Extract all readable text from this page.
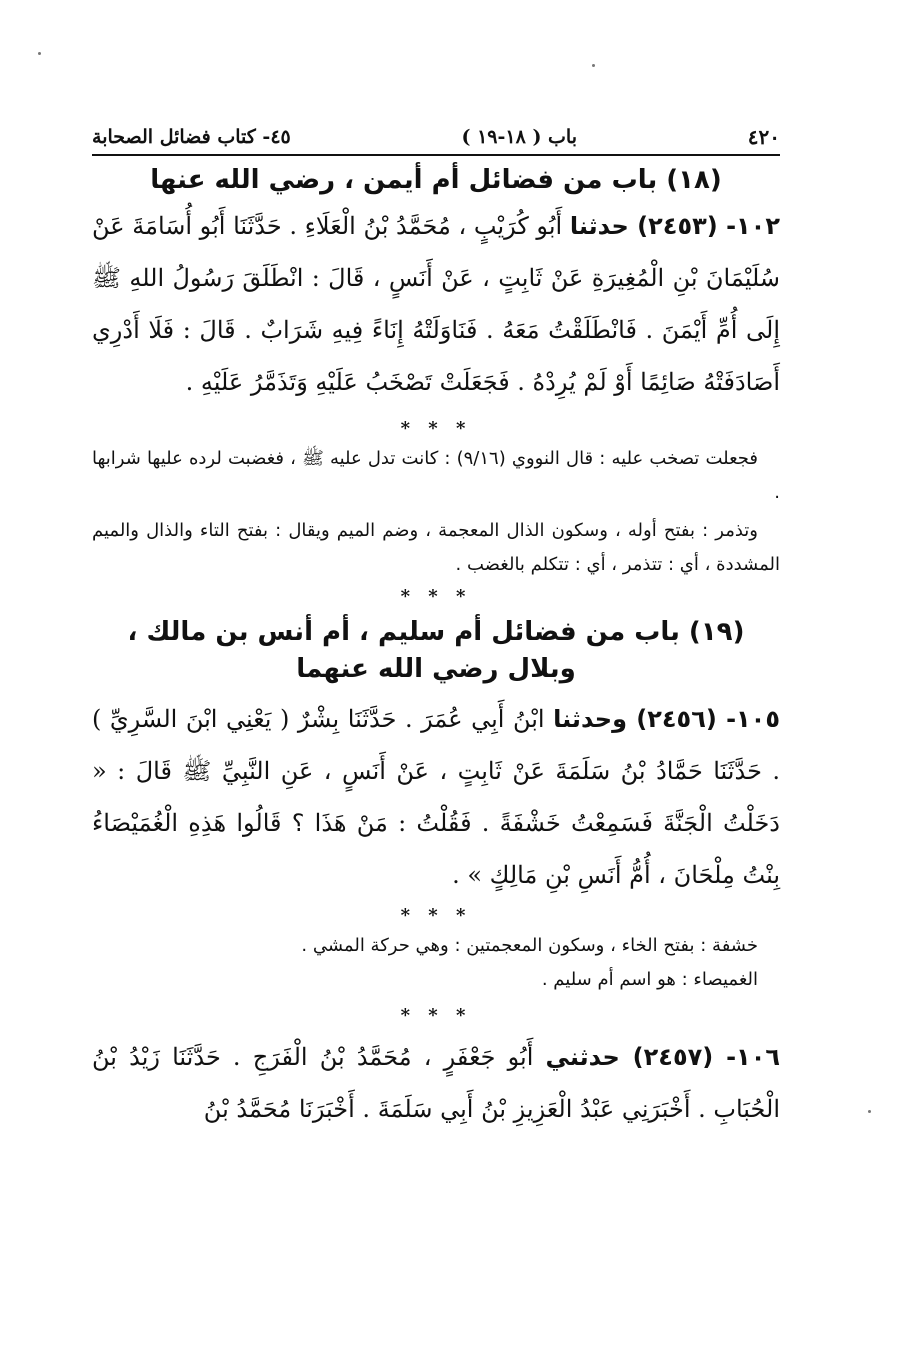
٤٢٠
باب ( ١٨-١٩ )
٤٥- كتاب فضائل الصحابة
(١٨) باب من فضائل أم أيمن ، رضي الله عنها

١٠٢- (٢٤٥٣) حدثنا أَبُو كُرَيْبٍ ، مُحَمَّدُ بْنُ الْعَلَاءِ . حَدَّثَنَا أَبُو أُسَامَةَ عَنْ سُلَيْمَانَ بْنِ الْمُغِيرَةِ عَنْ ثَابِتٍ ، عَنْ أَنَسٍ ، قَالَ : انْطَلَقَ رَسُولُ اللهِ ﷺ إِلَى أُمِّ أَيْمَنَ . فَانْطَلَقْتُ مَعَهُ . فَنَاوَلَتْهُ إِنَاءً فِيهِ شَرَابٌ . قَالَ : فَلَا أَدْرِي أَصَادَفَتْهُ صَائِمًا أَوْ لَمْ يُرِدْهُ . فَجَعَلَتْ تَصْخَبُ عَلَيْهِ وَتَذَمَّرُ عَلَيْهِ .

* * *

فجعلت تصخب عليه : قال النووي (٩/١٦) : كانت تدل عليه ﷺ ، فغضبت لرده عليها شرابها .

وتذمر : بفتح أوله ، وسكون الذال المعجمة ، وضم الميم ويقال : بفتح التاء والذال والميم المشددة ، أي : تتذمر ، أي : تتكلم بالغضب .

* * *
(١٩) باب من فضائل أم سليم ، أم أنس بن مالك ،
وبلال رضي الله عنهما

١٠٥- (٢٤٥٦) وحدثنا ابْنُ أَبِي عُمَرَ . حَدَّثَنَا بِشْرٌ ( يَعْنِي ابْنَ السَّرِيِّ ) . حَدَّثَنَا حَمَّادُ بْنُ سَلَمَةَ عَنْ ثَابِتٍ ، عَنْ أَنَسٍ ، عَنِ النَّبِيِّ ﷺ قَالَ : « دَخَلْتُ الْجَنَّةَ فَسَمِعْتُ خَشْفَةً . فَقُلْتُ : مَنْ هَذَا ؟ قَالُوا هَذِهِ الْغُمَيْصَاءُ بِنْتُ مِلْحَانَ ، أُمُّ أَنَسِ بْنِ مَالِكٍ » .

* * *

خشفة : بفتح الخاء ، وسكون المعجمتين : وهي حركة المشي .

الغميصاء : هو اسم أم سليم .

* * *

١٠٦- (٢٤٥٧) حدثني أَبُو جَعْفَرٍ ، مُحَمَّدُ بْنُ الْفَرَجِ . حَدَّثَنَا زَيْدُ بْنُ الْحُبَابِ . أَخْبَرَنِي عَبْدُ الْعَزِيزِ بْنُ أَبِي سَلَمَةَ . أَخْبَرَنَا مُحَمَّدُ بْنُ
